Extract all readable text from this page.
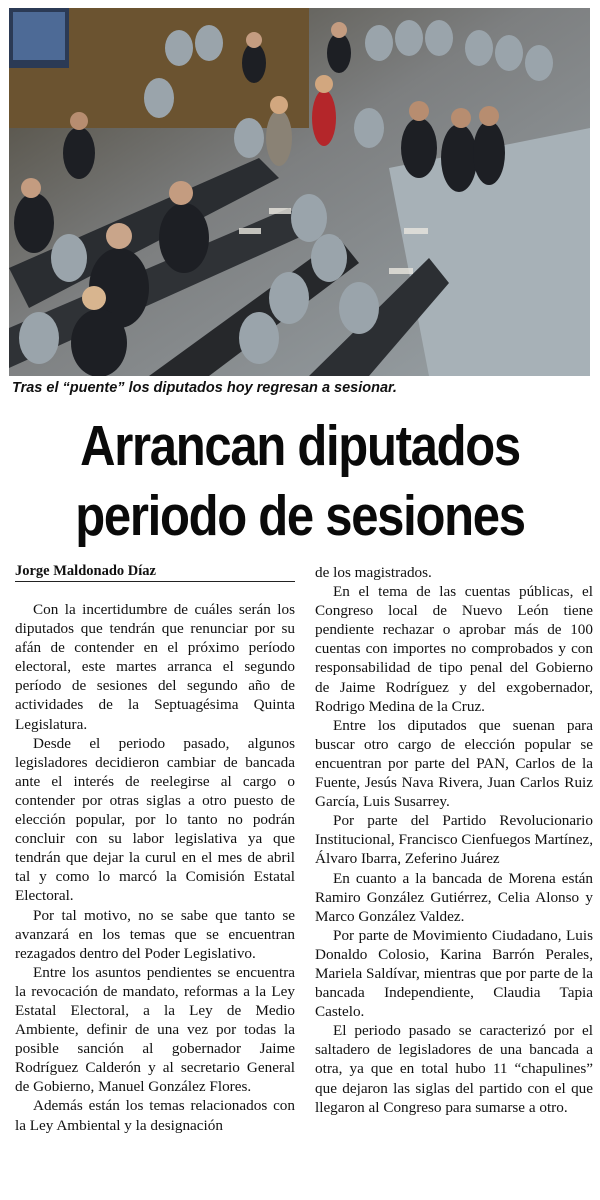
Tras el “puente” los diputados hoy regresan a sesionar.
Arrancan diputados
periodo de sesiones
Jorge Maldonado Díaz

Con la incertidumbre de cuáles serán los diputados que tendrán que renunciar por su afán de contender en el próximo período electoral, este martes arranca el segundo período de sesiones del segundo año de actividades de la Septuagésima Quinta Legislatura.

Desde el periodo pasado, algunos legisladores decidieron cambiar de bancada ante el interés de reelegirse al cargo o contender por otras siglas a otro puesto de elección popular, por lo tanto no podrán concluir con su labor legislativa ya que tendrán que dejar la curul en el mes de abril tal y como lo marcó la Comisión Estatal Electoral.

Por tal motivo, no se sabe que tanto se avanzará en los temas que se encuentran rezagados dentro del Poder Legislativo.

Entre los asuntos pendientes se encuentra la revocación de mandato, reformas a la Ley Estatal Electoral, a la Ley de Medio Ambiente, definir de una vez por todas la posible sanción al gobernador Jaime Rodríguez Calderón y al secretario General de Gobierno, Manuel González Flores.

Además están los temas relacionados con la Ley Ambiental y la designación

de los magistrados.

En el tema de las cuentas públicas, el Congreso local de Nuevo León tiene pendiente rechazar o aprobar más de 100 cuentas con importes no comprobados y con responsabilidad de tipo penal del Gobierno de Jaime Rodríguez y del exgobernador, Rodrigo Medina de la Cruz.

Entre los diputados que suenan para buscar otro cargo de elección popular se encuentran por parte del PAN, Carlos de la Fuente, Jesús Nava Rivera, Juan Carlos Ruiz García, Luis Susarrey.

Por parte del Partido Revolucionario Institucional, Francisco Cienfuegos Martínez, Álvaro Ibarra, Zeferino Juárez

En cuanto a la bancada de Morena están Ramiro González Gutiérrez, Celia Alonso y Marco González Valdez.

Por parte de Movimiento Ciudadano, Luis Donaldo Colosio, Karina Barrón Perales, Mariela Saldívar, mientras que por parte de la bancada Independiente, Claudia Tapia Castelo.

El periodo pasado se caracterizó por el saltadero de legisladores de una bancada a otra, ya que en total hubo 11 “chapulines” que dejaron las siglas del partido con el que llegaron al Congreso para sumarse a otro.
